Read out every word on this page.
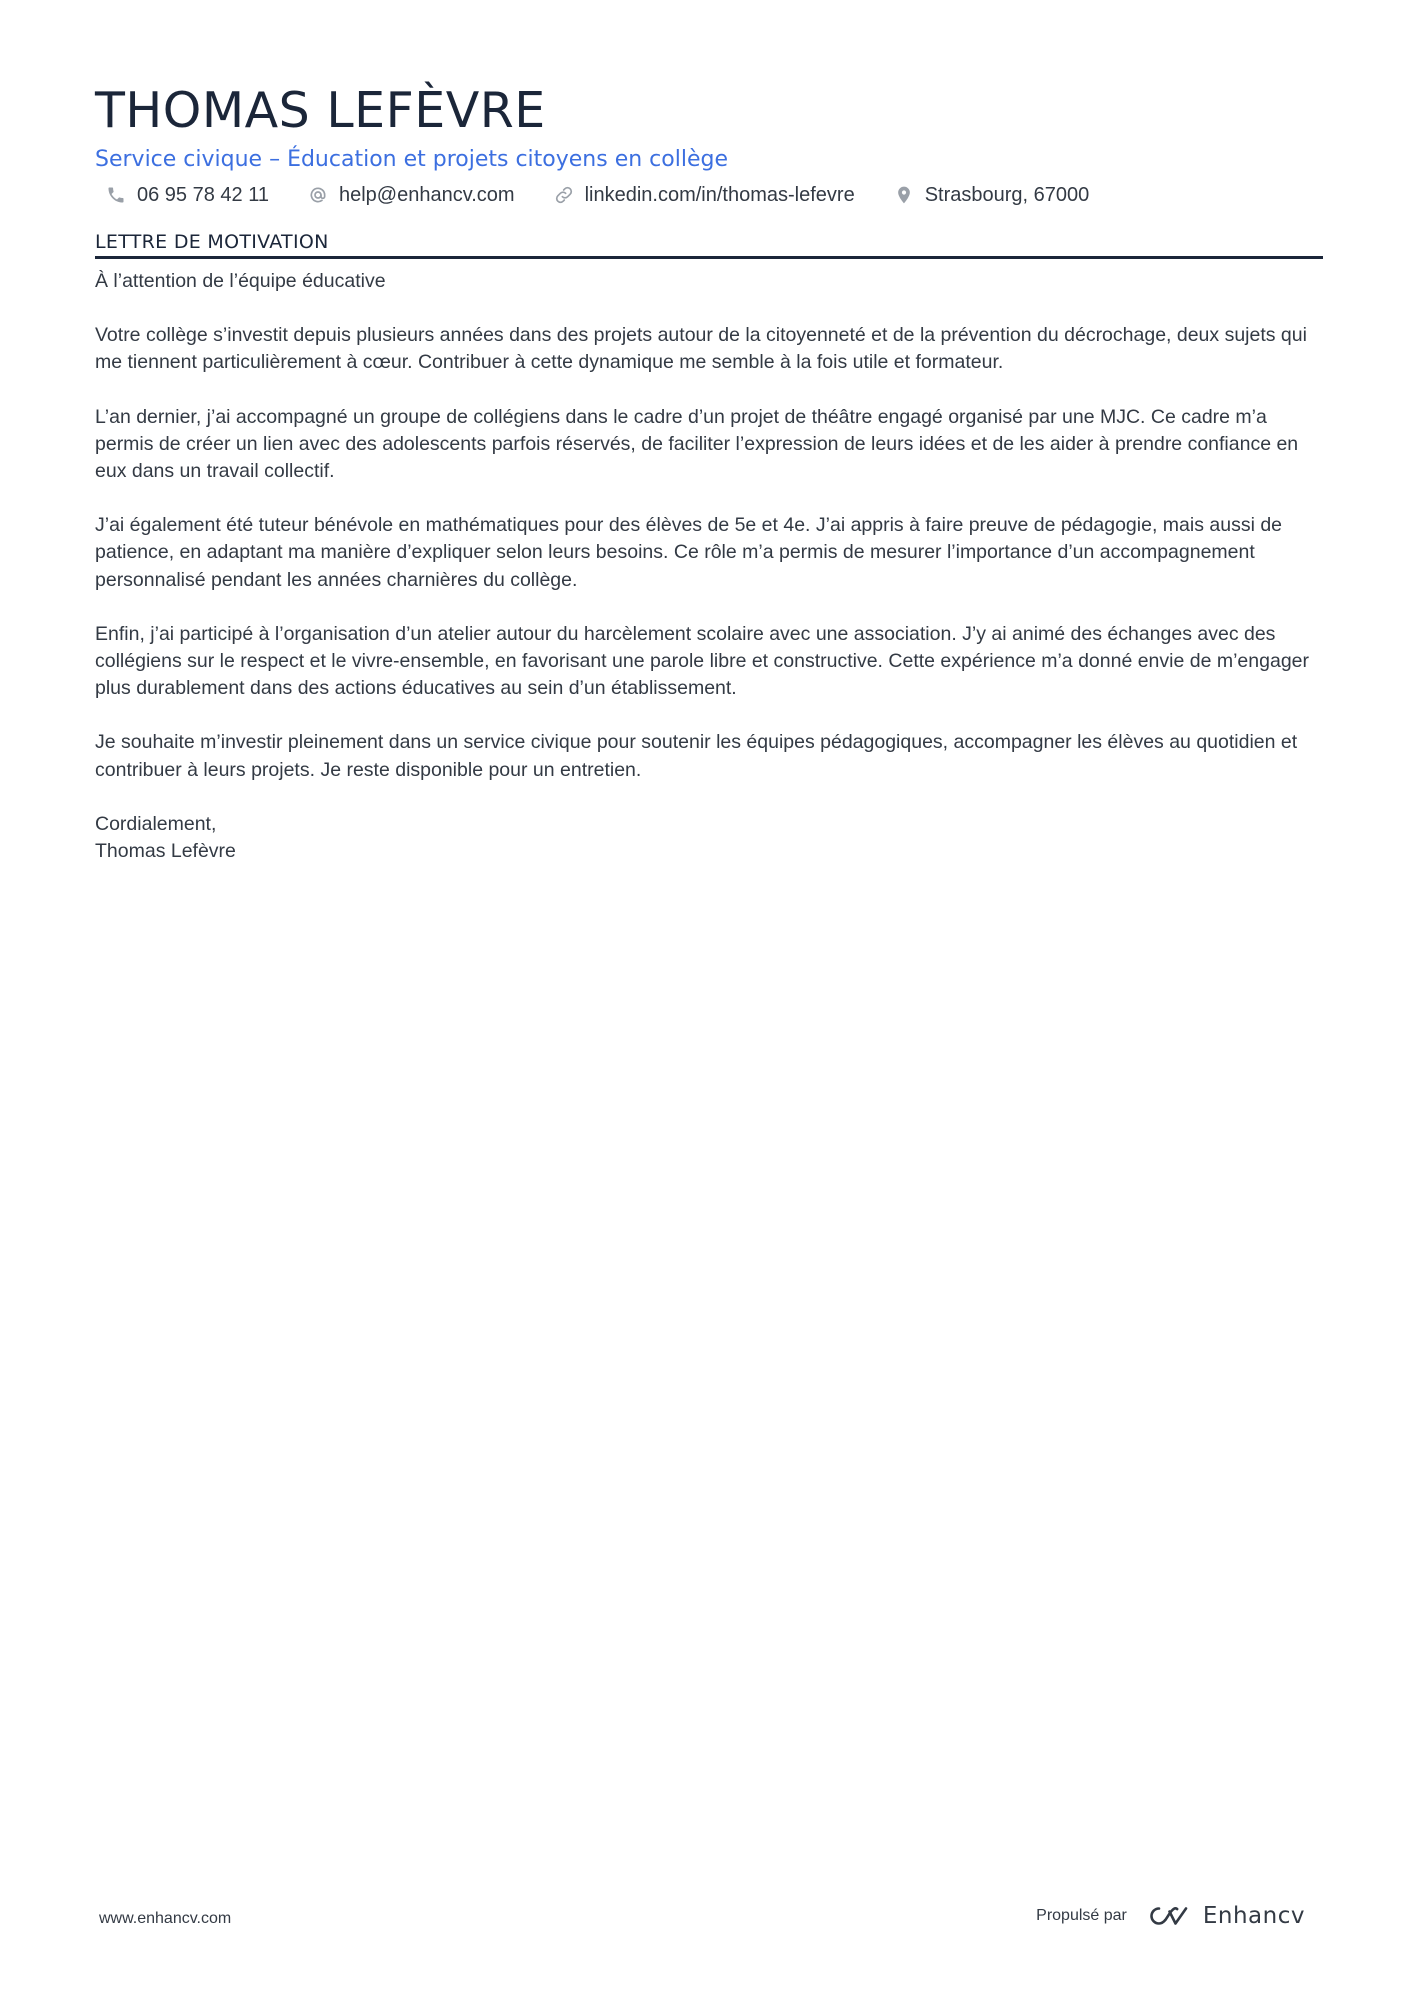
THOMAS LEFÈVRE
Service civique – Éducation et projets citoyens en collège
06 95 78 42 11	help@enhancv.com	linkedin.com/in/thomas-lefevre	Strasbourg, 67000
LETTRE DE MOTIVATION

À l’attention de l’équipe éducative

Votre collège s’investit depuis plusieurs années dans des projets autour de la citoyenneté et de la prévention du décrochage, deux sujets qui me tiennent particulièrement à cœur. Contribuer à cette dynamique me semble à la fois utile et formateur.

L’an dernier, j’ai accompagné un groupe de collégiens dans le cadre d’un projet de théâtre engagé organisé par une MJC. Ce cadre m’a permis de créer un lien avec des adolescents parfois réservés, de faciliter l’expression de leurs idées et de les aider à prendre confiance en eux dans un travail collectif.

J’ai également été tuteur bénévole en mathématiques pour des élèves de 5e et 4e. J’ai appris à faire preuve de pédagogie, mais aussi de patience, en adaptant ma manière d’expliquer selon leurs besoins. Ce rôle m’a permis de mesurer l’importance d’un accompagnement personnalisé pendant les années charnières du collège.

Enfin, j’ai participé à l’organisation d’un atelier autour du harcèlement scolaire avec une association. J’y ai animé des échanges avec des collégiens sur le respect et le vivre-ensemble, en favorisant une parole libre et constructive. Cette expérience m’a donné envie de m’engager plus durablement dans des actions éducatives au sein d’un établissement.

Je souhaite m’investir pleinement dans un service civique pour soutenir les équipes pédagogiques, accompagner les élèves au quotidien et contribuer à leurs projets. Je reste disponible pour un entretien.

Cordialement,
Thomas Lefèvre
www.enhancv.com	Propulsé par	Enhancv
